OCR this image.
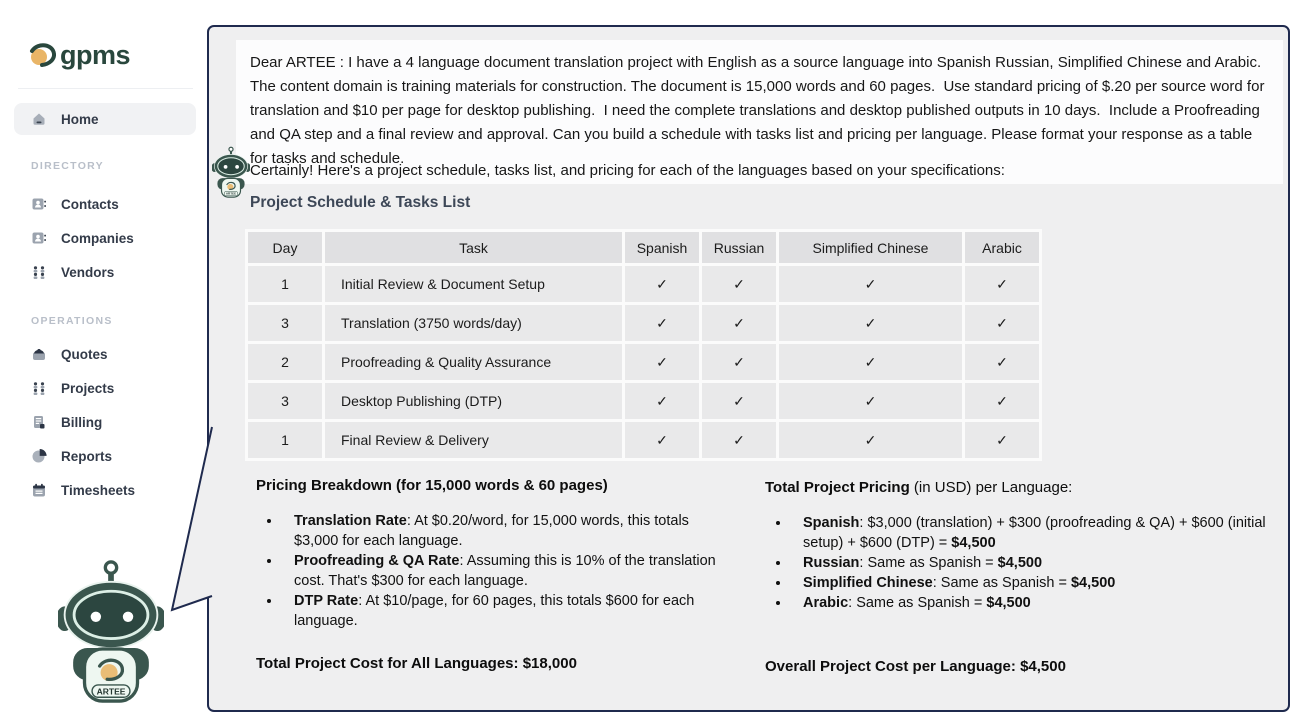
gpms
Home
DIRECTORY
Contacts
Companies
Vendors
OPERATIONS
Quotes
Projects
Billing
Reports
Timesheets
Dear ARTEE : I have a 4 language document translation project with English as a source language into Spanish Russian, Simplified Chinese and Arabic.  The content domain is training materials for construction. The document is 15,000 words and 60 pages.  Use standard pricing of $.20 per source word for translation and $10 per page for desktop publishing.  I need the complete translations and desktop published outputs in 10 days.  Include a Proofreading and QA step and a final review and approval. Can you build a schedule with tasks list and pricing per language. Please format your response as a table for tasks and schedule.
Certainly! Here's a project schedule, tasks list, and pricing for each of the languages based on your specifications:
Project Schedule & Tasks List
Day	Task	Spanish	Russian	Simplified Chinese	Arabic
1	Initial Review & Document Setup	✓	✓	✓	✓
3	Translation (3750 words/day)	✓	✓	✓	✓
2	Proofreading & Quality Assurance	✓	✓	✓	✓
3	Desktop Publishing (DTP)	✓	✓	✓	✓
1	Final Review & Delivery	✓	✓	✓	✓
Pricing Breakdown (for 15,000 words & 60 pages)
• Translation Rate: At $0.20/word, for 15,000 words, this totals $3,000 for each language.
• Proofreading & QA Rate: Assuming this is 10% of the translation cost. That's $300 for each language.
• DTP Rate: At $10/page, for 60 pages, this totals $600 for each language.
Total Project Pricing (in USD) per Language:
• Spanish: $3,000 (translation) + $300 (proofreading & QA) + $600 (initial setup) + $600 (DTP) = $4,500
• Russian: Same as Spanish = $4,500
• Simplified Chinese: Same as Spanish = $4,500
• Arabic: Same as Spanish = $4,500
Total Project Cost for All Languages: $18,000	Overall Project Cost per Language: $4,500
